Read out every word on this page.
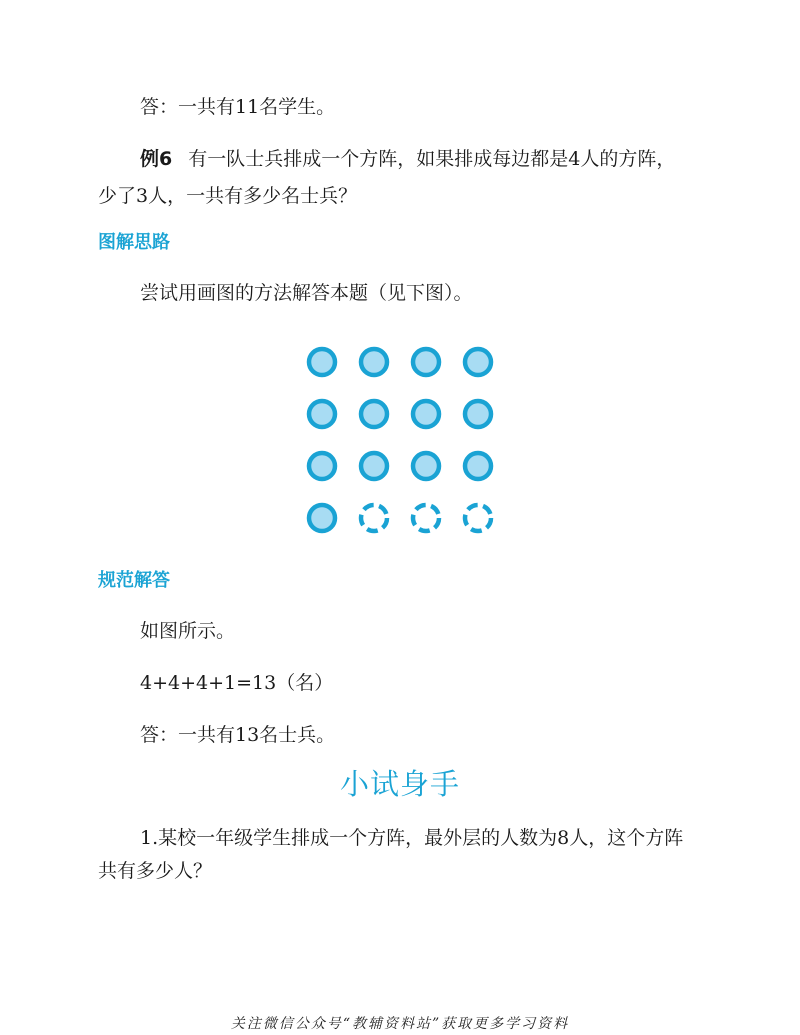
答：一共有11名学生。
例6 有一队士兵排成一个方阵，如果排成每边都是4人的方阵，
少了3人，一共有多少名士兵？
图解思路
尝试用画图的方法解答本题（见下图）。
规范解答
如图所示。
4+4+4+1=13（名）
答：一共有13名士兵。
小试身手
1.某校一年级学生排成一个方阵，最外层的人数为8人，这个方阵
共有多少人？
关注微信公众号“教辅资料站”获取更多学习资料
